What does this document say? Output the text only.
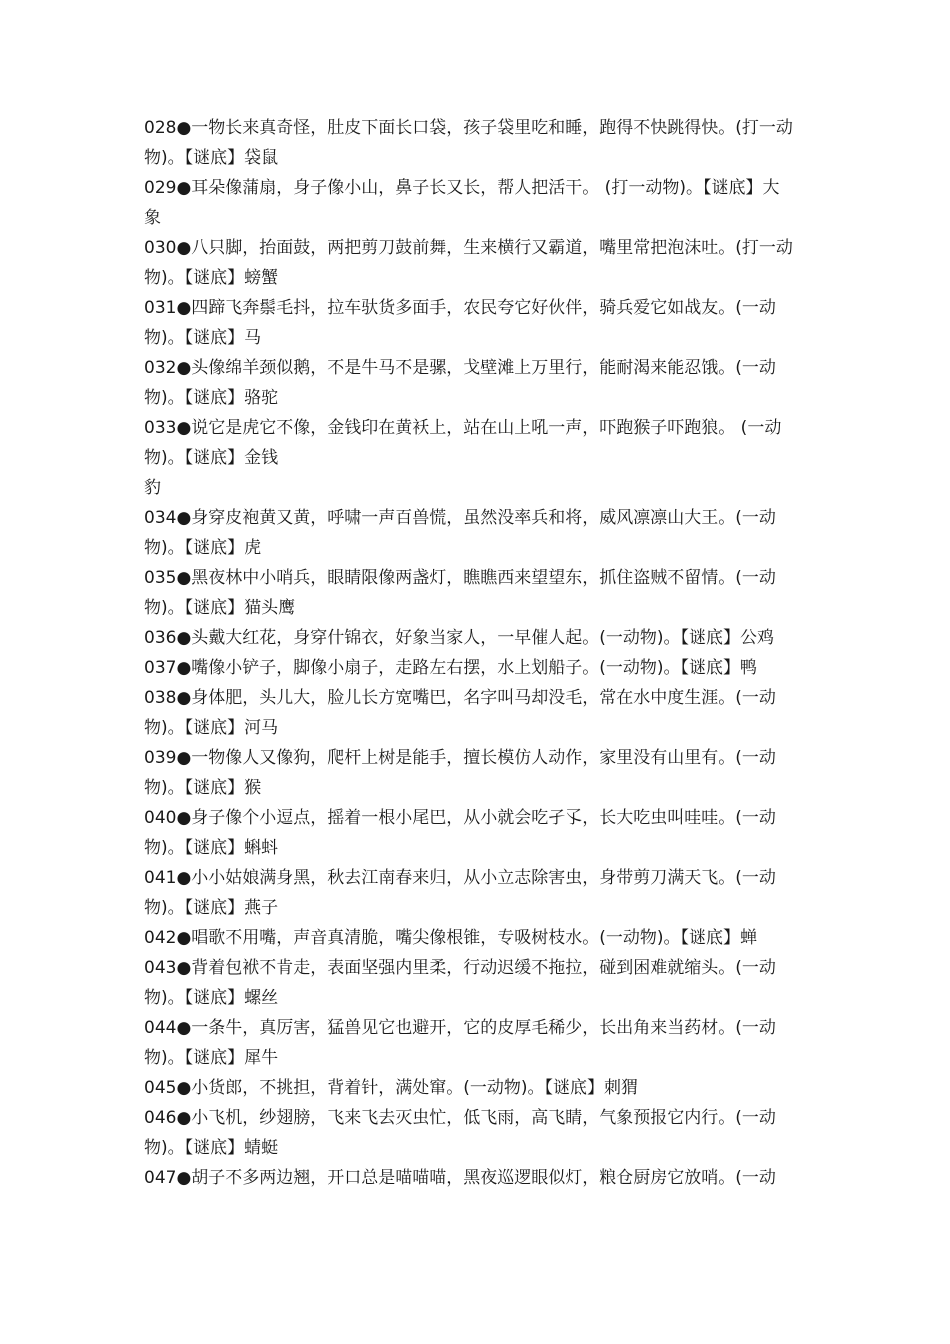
028●一物长来真奇怪，肚皮下面长口袋，孩子袋里吃和睡，跑得不快跳得快。(打一动
物)。【谜底】袋鼠
029●耳朵像蒲扇，身子像小山，鼻子长又长，帮人把活干。 (打一动物)。【谜底】大
象
030●八只脚，抬面鼓，两把剪刀鼓前舞，生来横行又霸道，嘴里常把泡沫吐。(打一动
物)。【谜底】螃蟹
031●四蹄飞奔鬃毛抖，拉车驮货多面手，农民夸它好伙伴，骑兵爱它如战友。(一动
物)。【谜底】马
032●头像绵羊颈似鹅，不是牛马不是骡，戈壁滩上万里行，能耐渴来能忍饿。(一动
物)。【谜底】骆驼
033●说它是虎它不像，金钱印在黄袄上，站在山上吼一声，吓跑猴子吓跑狼。 (一动
物)。【谜底】金钱
豹
034●身穿皮袍黄又黄，呼啸一声百兽慌，虽然没率兵和将，威风凛凛山大王。(一动
物)。【谜底】虎
035●黑夜林中小哨兵，眼睛限像两盏灯，瞧瞧西来望望东，抓住盗贼不留情。(一动
物)。【谜底】猫头鹰
036●头戴大红花，身穿什锦衣，好象当家人，一早催人起。(一动物)。【谜底】公鸡
037●嘴像小铲子，脚像小扇子，走路左右摆，水上划船子。(一动物)。【谜底】鸭
038●身体肥，头儿大，脸儿长方宽嘴巴，名字叫马却没毛，常在水中度生涯。(一动
物)。【谜底】河马
039●一物像人又像狗，爬杆上树是能手，擅长模仿人动作，家里没有山里有。(一动
物)。【谜底】猴
040●身子像个小逗点，摇着一根小尾巴，从小就会吃孑孓，长大吃虫叫哇哇。(一动
物)。【谜底】蝌蚪
041●小小姑娘满身黑，秋去江南春来归，从小立志除害虫，身带剪刀满天飞。(一动
物)。【谜底】燕子
042●唱歌不用嘴，声音真清脆，嘴尖像根锥，专吸树枝水。(一动物)。【谜底】蝉
043●背着包袱不肯走，表面坚强内里柔，行动迟缓不拖拉，碰到困难就缩头。(一动
物)。【谜底】螺丝
044●一条牛，真厉害，猛兽见它也避开，它的皮厚毛稀少，长出角来当药材。(一动
物)。【谜底】犀牛
045●小货郎，不挑担，背着针，满处窜。(一动物)。【谜底】刺猬
046●小飞机，纱翅膀，飞来飞去灭虫忙，低飞雨，高飞睛，气象预报它内行。(一动
物)。【谜底】蜻蜓
047●胡子不多两边翘，开口总是喵喵喵，黑夜巡逻眼似灯，粮仓厨房它放哨。(一动
